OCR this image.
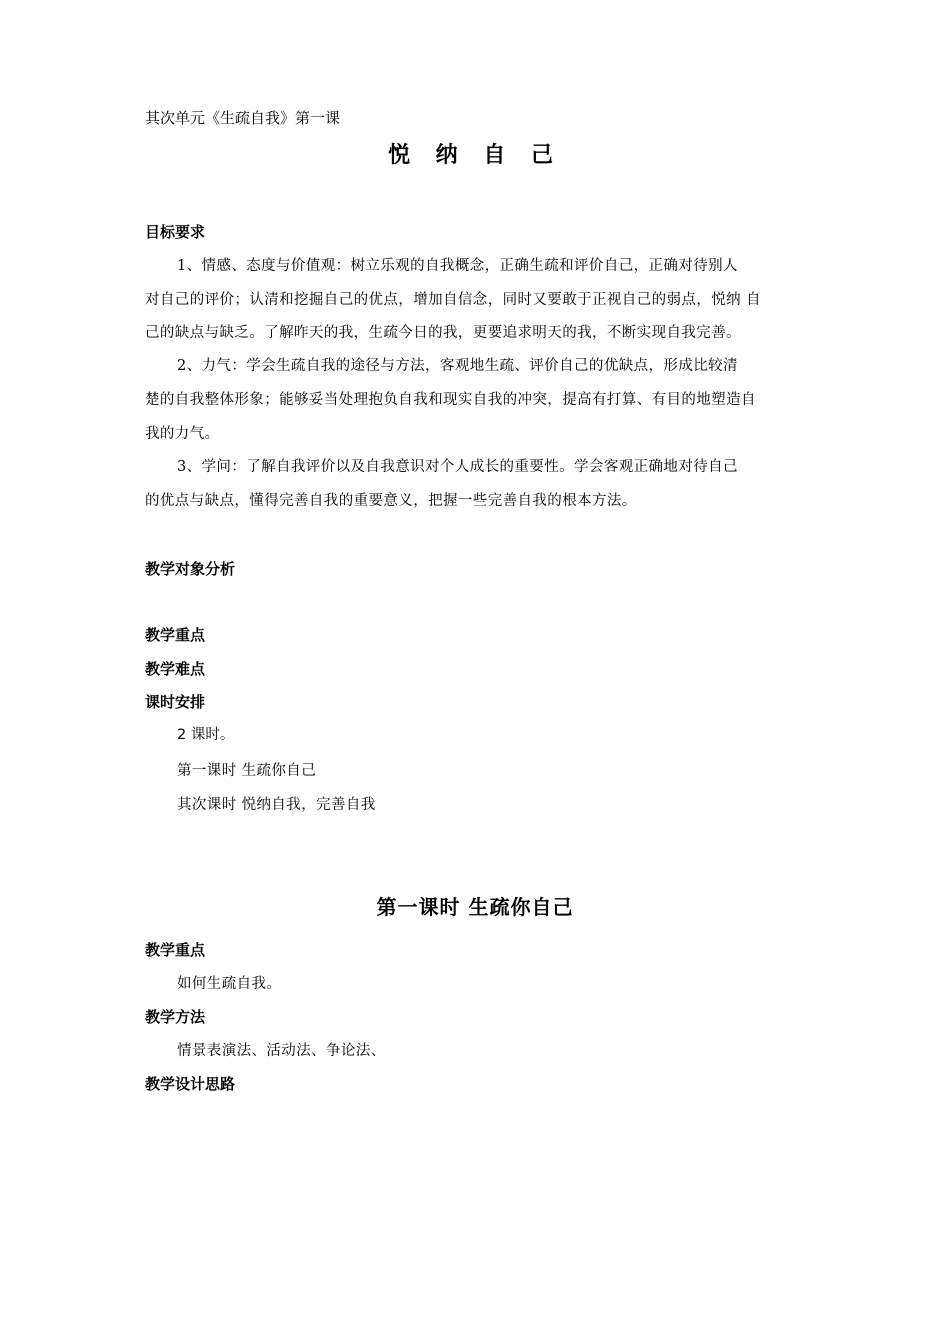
其次单元《生疏自我》第一课
悦 纳 自 己
目标要求
1、情感、态度与价值观：树立乐观的自我概念，正确生疏和评价自己，正确对待别人
对自己的评价；认清和挖掘自己的优点，增加自信念，同时又要敢于正视自己的弱点，悦纳 自
己的缺点与缺乏。了解昨天的我，生疏今日的我，更要追求明天的我，不断实现自我完善。
2、力气：学会生疏自我的途径与方法，客观地生疏、评价自己的优缺点，形成比较清
楚的自我整体形象；能够妥当处理抱负自我和现实自我的冲突，提高有打算、有目的地塑造自
我的力气。
3、学问：了解自我评价以及自我意识对个人成长的重要性。学会客观正确地对待自己
的优点与缺点，懂得完善自我的重要意义，把握一些完善自我的根本方法。
教学对象分析
教学重点
教学难点
课时安排
2 课时。
第一课时 生疏你自己
其次课时 悦纳自我，完善自我
第一课时 生疏你自己
教学重点
如何生疏自我。
教学方法
情景表演法、活动法、争论法、
教学设计思路
